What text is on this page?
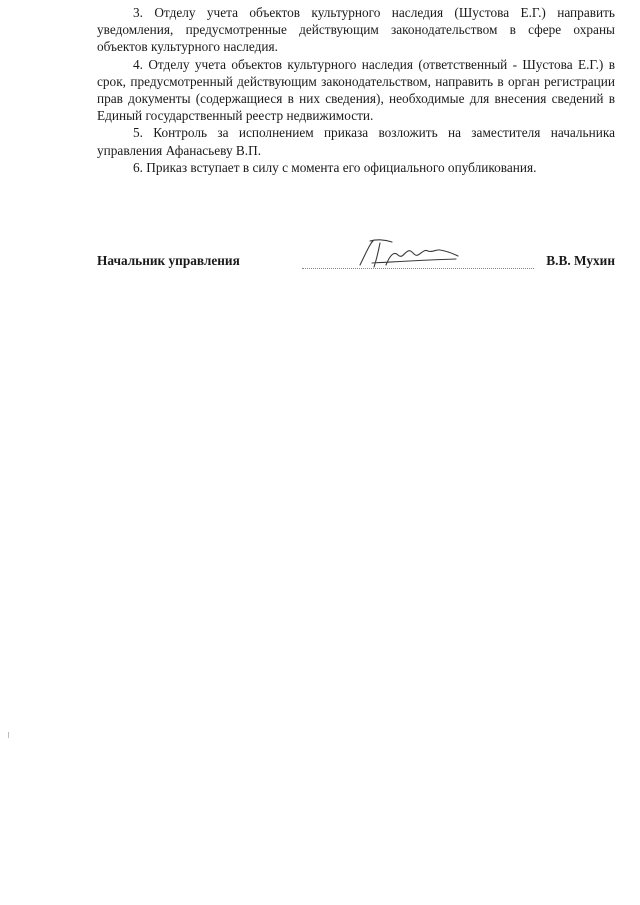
3. Отделу учета объектов культурного наследия (Шустова Е.Г.) направить уведомления, предусмотренные действующим законодательством в сфере охраны объектов культурного наследия.

4. Отделу учета объектов культурного наследия (ответственный - Шустова Е.Г.) в срок, предусмотренный действующим законодательством, направить в орган регистрации прав документы (содержащиеся в них сведения), необходимые для внесения сведений в Единый государственный реестр недвижимости.

5. Контроль за исполнением приказа возложить на заместителя начальника управления Афанасьеву В.П.

6. Приказ вступает в силу с момента его официального опубликования.

Начальник управления	В.В. Мухин
